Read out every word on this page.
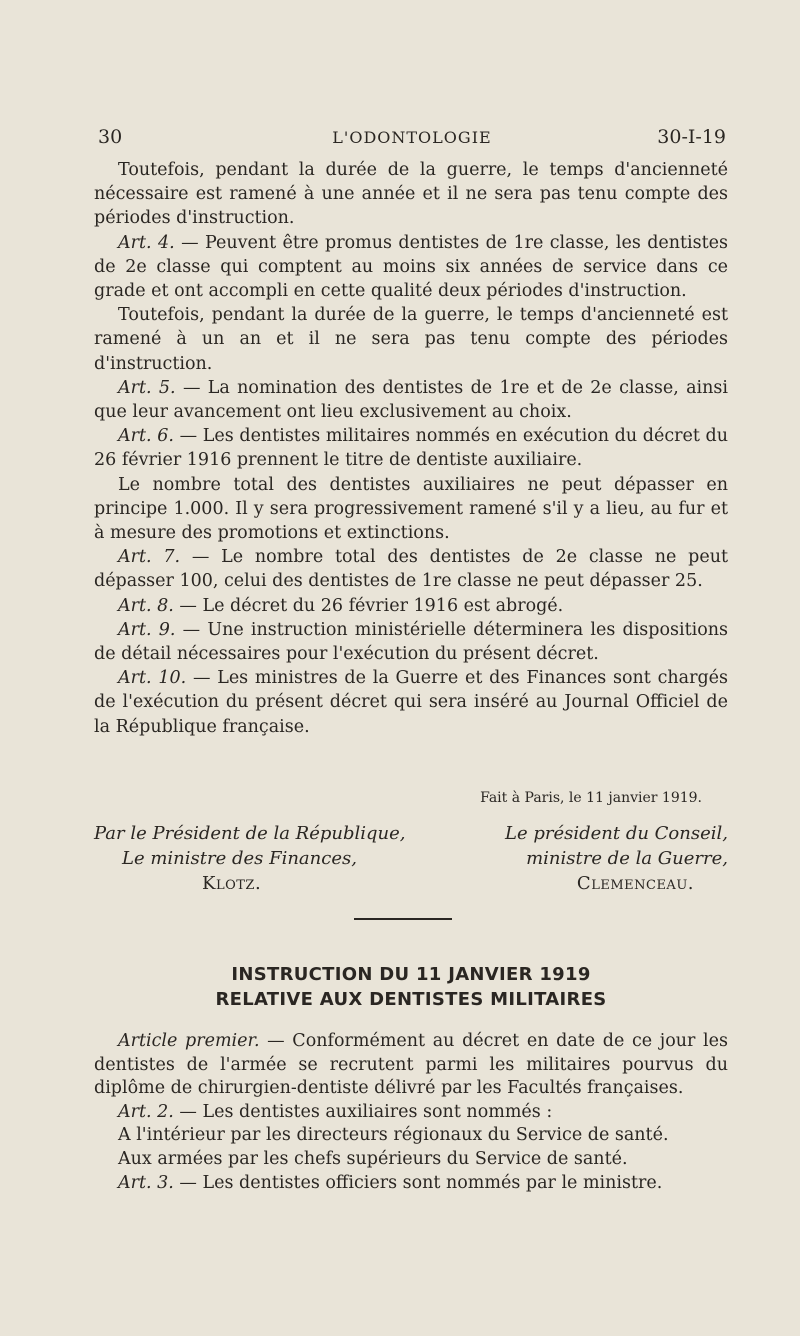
30	L'ODONTOLOGIE	30-I-19

Toutefois, pendant la durée de la guerre, le temps d'ancienneté nécessaire est ramené à une année et il ne sera pas tenu compte des périodes d'instruction.

Art. 4. — Peuvent être promus dentistes de 1re classe, les dentistes de 2e classe qui comptent au moins six années de service dans ce grade et ont accompli en cette qualité deux périodes d'instruction.

Toutefois, pendant la durée de la guerre, le temps d'ancienneté est ramené à un an et il ne sera pas tenu compte des périodes d'instruction.

Art. 5. — La nomination des dentistes de 1re et de 2e classe, ainsi que leur avancement ont lieu exclusivement au choix.

Art. 6. — Les dentistes militaires nommés en exécution du décret du 26 février 1916 prennent le titre de dentiste auxiliaire.

Le nombre total des dentistes auxiliaires ne peut dépasser en principe 1.000. Il y sera progressivement ramené s'il y a lieu, au fur et à mesure des promotions et extinctions.

Art. 7. — Le nombre total des dentistes de 2e classe ne peut dépasser 100, celui des dentistes de 1re classe ne peut dépasser 25.

Art. 8. — Le décret du 26 février 1916 est abrogé.

Art. 9. — Une instruction ministérielle déterminera les dispositions de détail nécessaires pour l'exécution du présent décret.

Art. 10. — Les ministres de la Guerre et des Finances sont chargés de l'exécution du présent décret qui sera inséré au Journal Officiel de la République française.

Fait à Paris, le 11 janvier 1919.
Par le Président de la République,	Le président du Conseil,
Le ministre des Finances,	ministre de la Guerre,
Klotz.	Clemenceau.
INSTRUCTION DU 11 JANVIER 1919
RELATIVE AUX DENTISTES MILITAIRES

Article premier. — Conformément au décret en date de ce jour les dentistes de l'armée se recrutent parmi les militaires pourvus du diplôme de chirurgien-dentiste délivré par les Facultés françaises.

Art. 2. — Les dentistes auxiliaires sont nommés :

A l'intérieur par les directeurs régionaux du Service de santé.

Aux armées par les chefs supérieurs du Service de santé.

Art. 3. — Les dentistes officiers sont nommés par le ministre.
